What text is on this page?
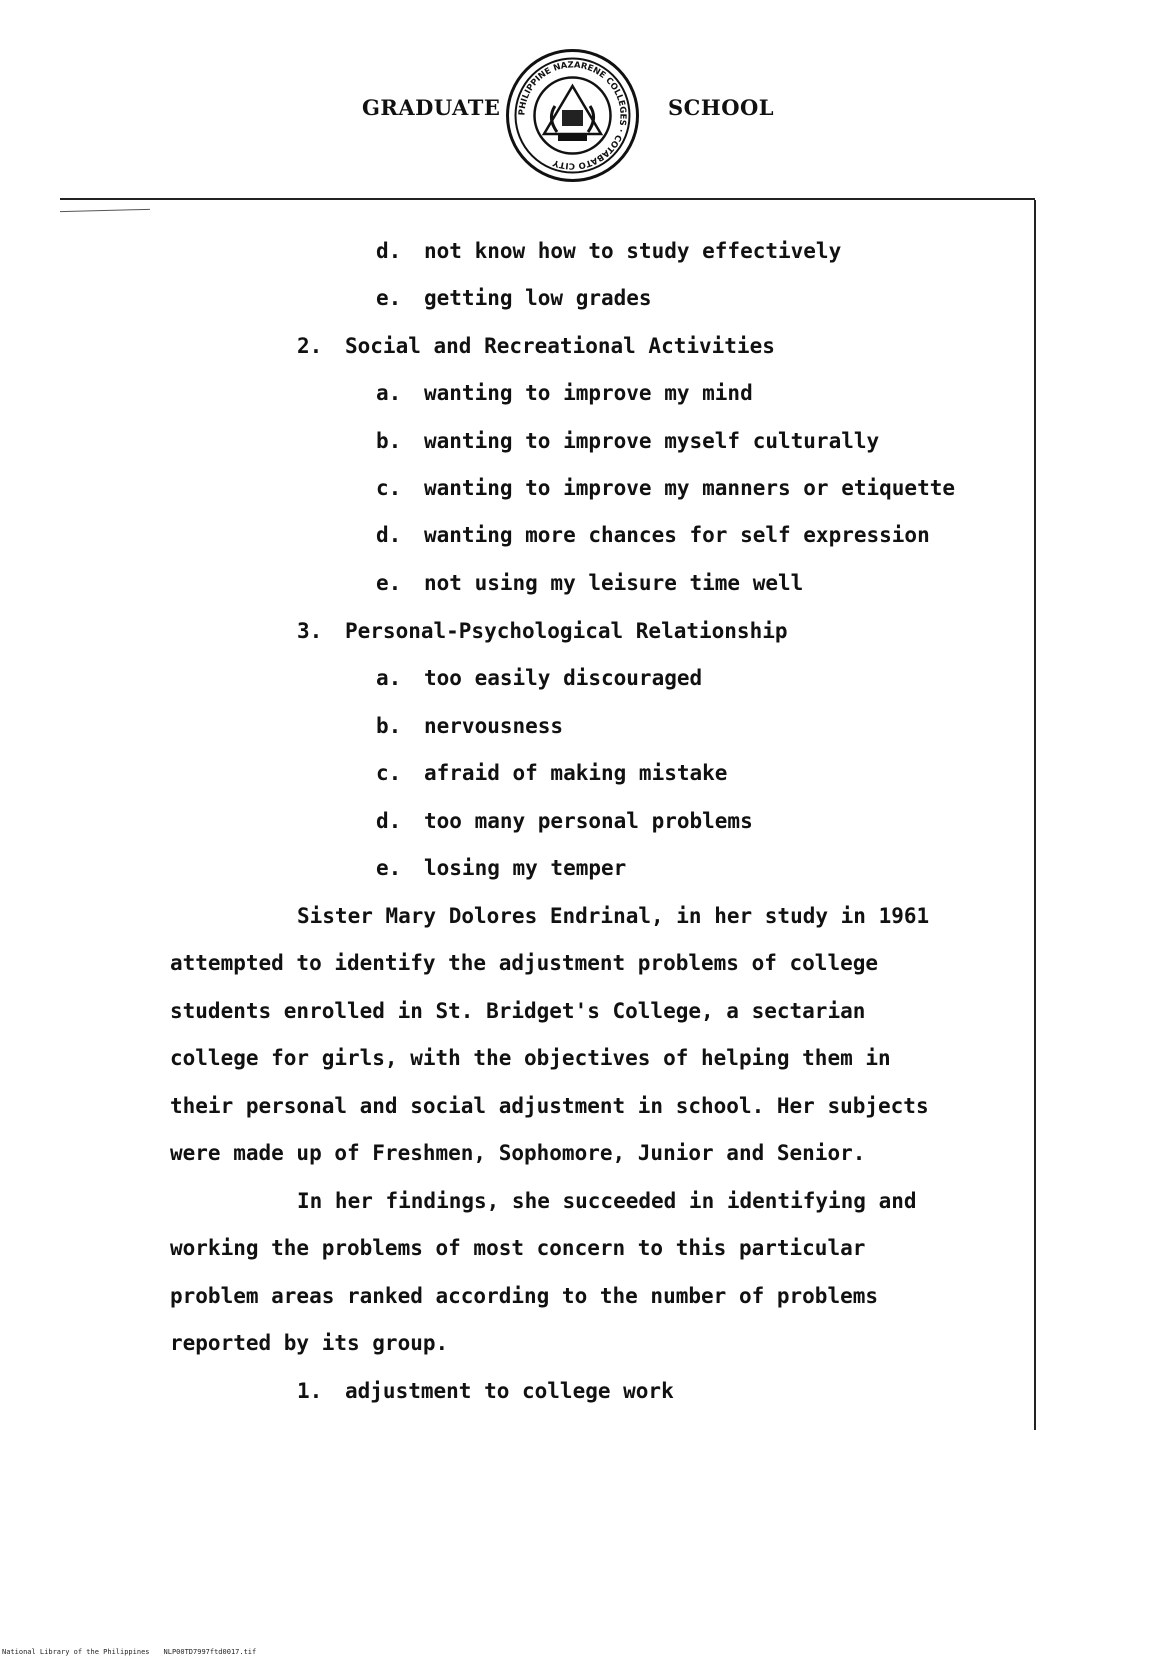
GRADUATE	SCHOOL
PHILIPPINE NAZARENE COLLEGES · COTABATO CITY
d. not know how to study effectively
e. getting low grades
2. Social and Recreational Activities
a. wanting to improve my mind
b. wanting to improve myself culturally
c. wanting to improve my manners or etiquette
d. wanting more chances for self expression
e. not using my leisure time well
3. Personal-Psychological Relationship
a. too easily discouraged
b. nervousness
c. afraid of making mistake
d. too many personal problems
e. losing my temper
Sister Mary Dolores Endrinal, in her study in 1961
attempted to identify the adjustment problems of college
students enrolled in St. Bridget's College, a sectarian
college for girls, with the objectives of helping them in
their personal and social adjustment in school. Her subjects
were made up of Freshmen, Sophomore, Junior and Senior.
In her findings, she succeeded in identifying and
working the problems of most concern to this particular
problem areas ranked according to the number of problems
reported by its group.
1. adjustment to college work
National Library of the Philippines NLP00TD7997ftd0017.tif
